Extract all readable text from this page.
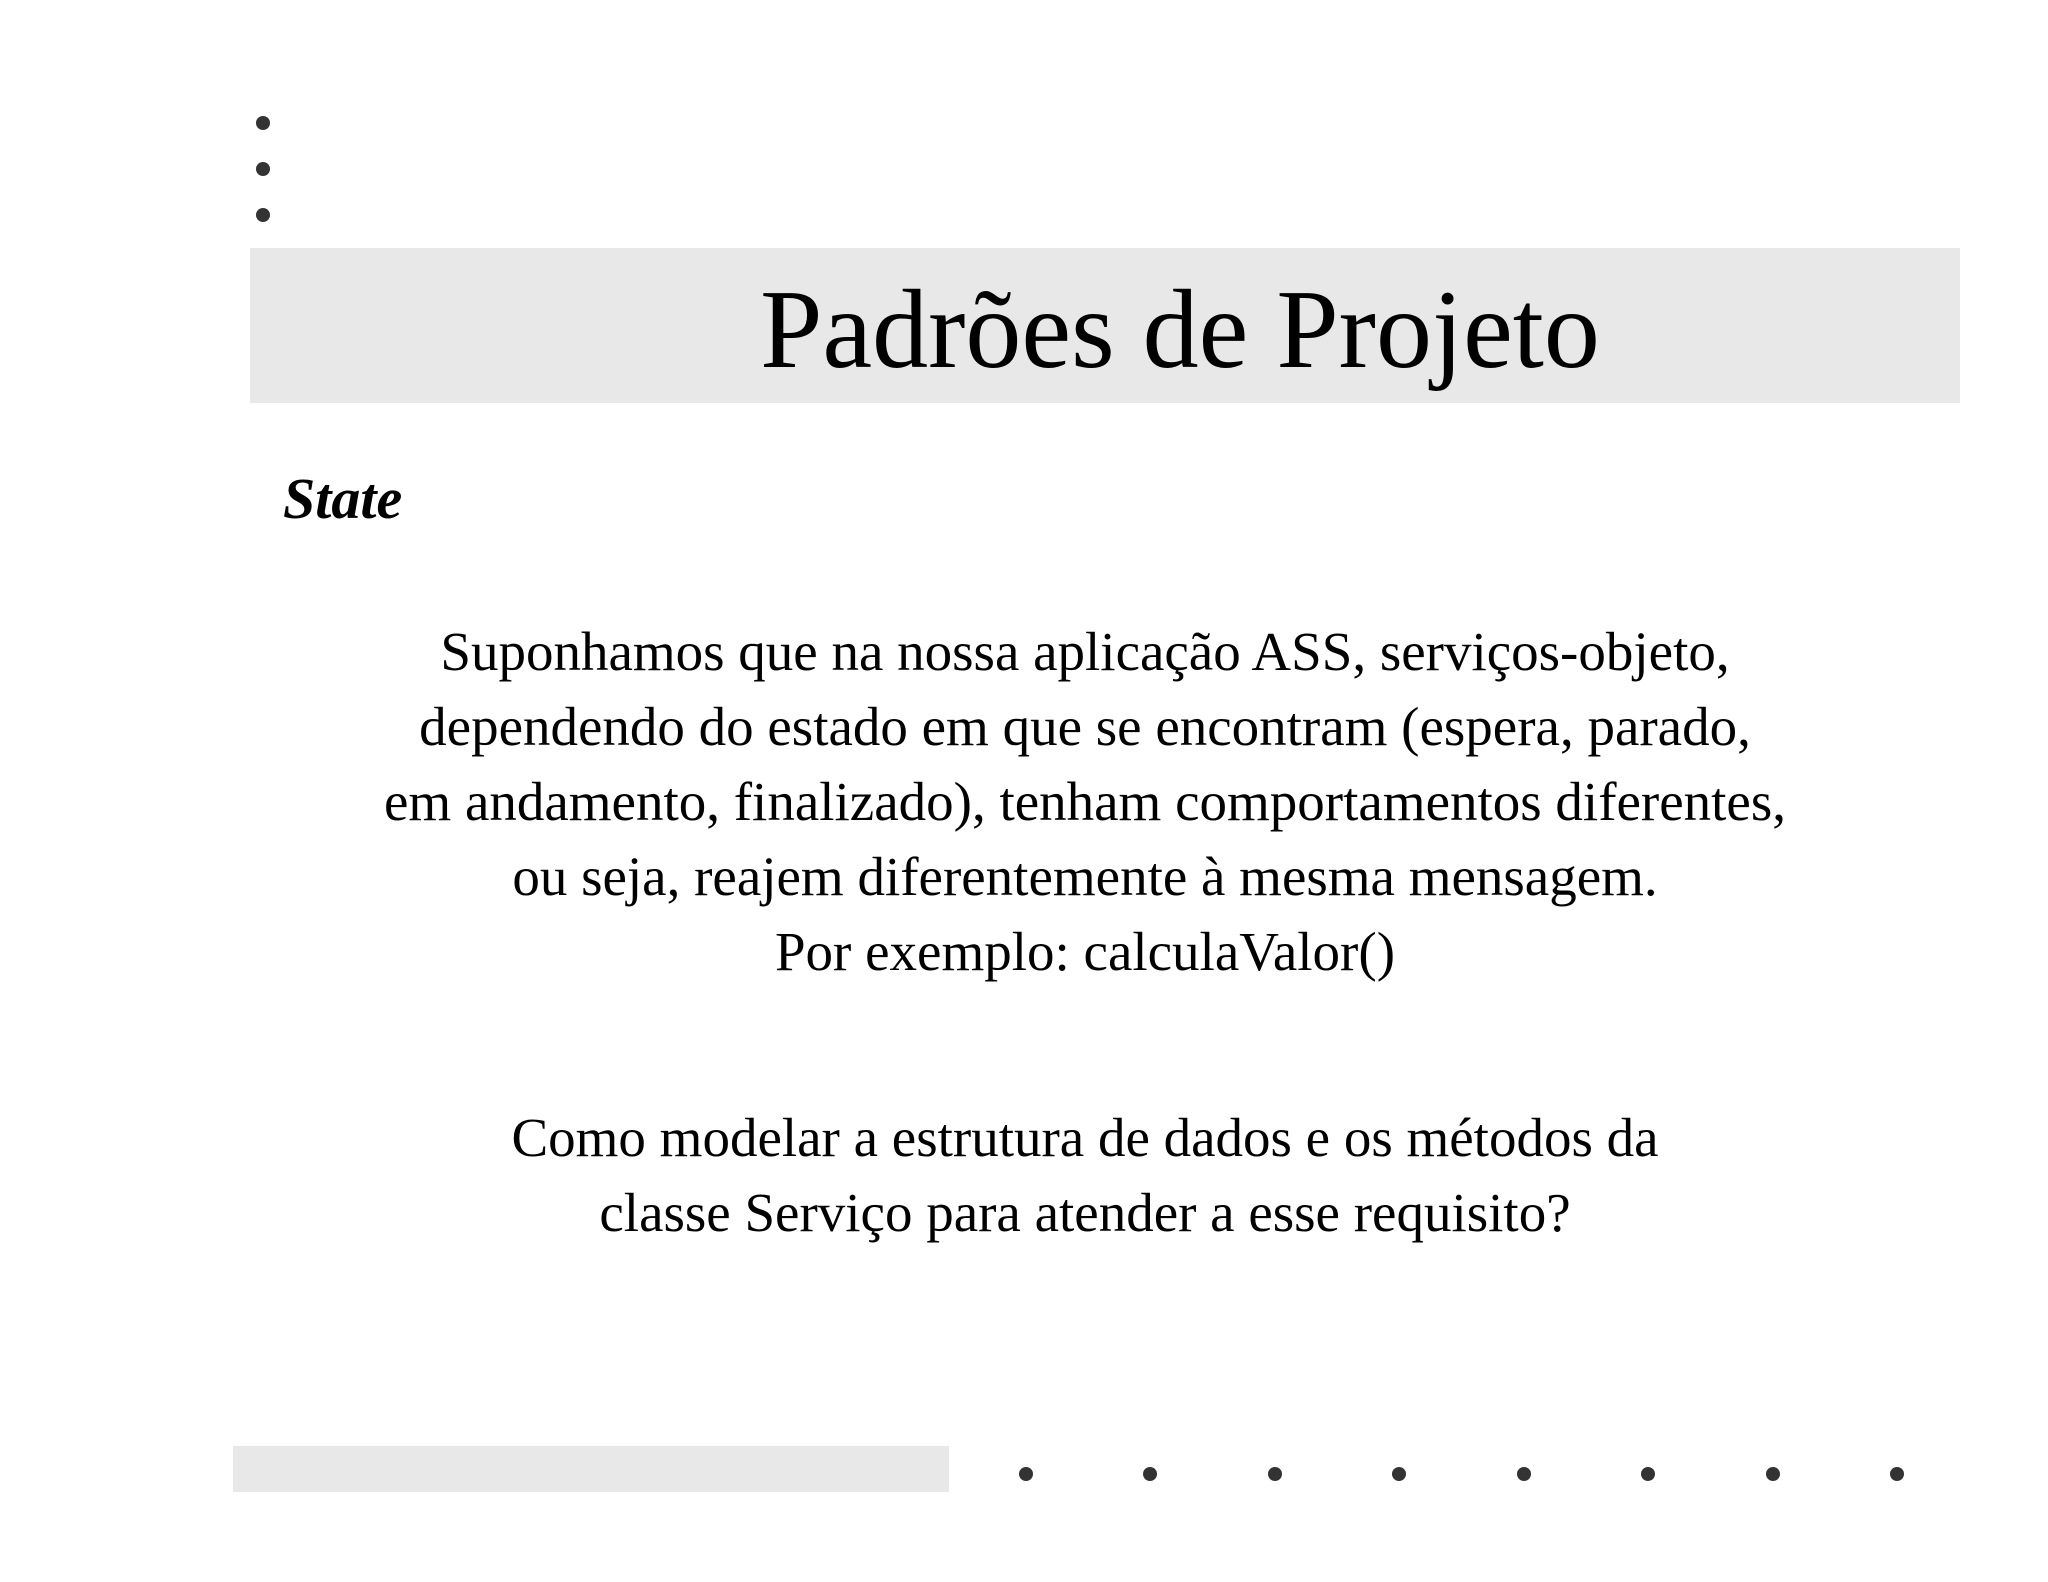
Padrões de Projeto
State
Suponhamos que na nossa aplicação ASS, serviços-objeto,
dependendo do estado em que se encontram (espera, parado,
em andamento, finalizado), tenham comportamentos diferentes,
ou seja, reajem diferentemente à mesma mensagem.
Por exemplo: calculaValor()
Como modelar a estrutura de dados e os métodos da
classe Serviço para atender a esse requisito?
